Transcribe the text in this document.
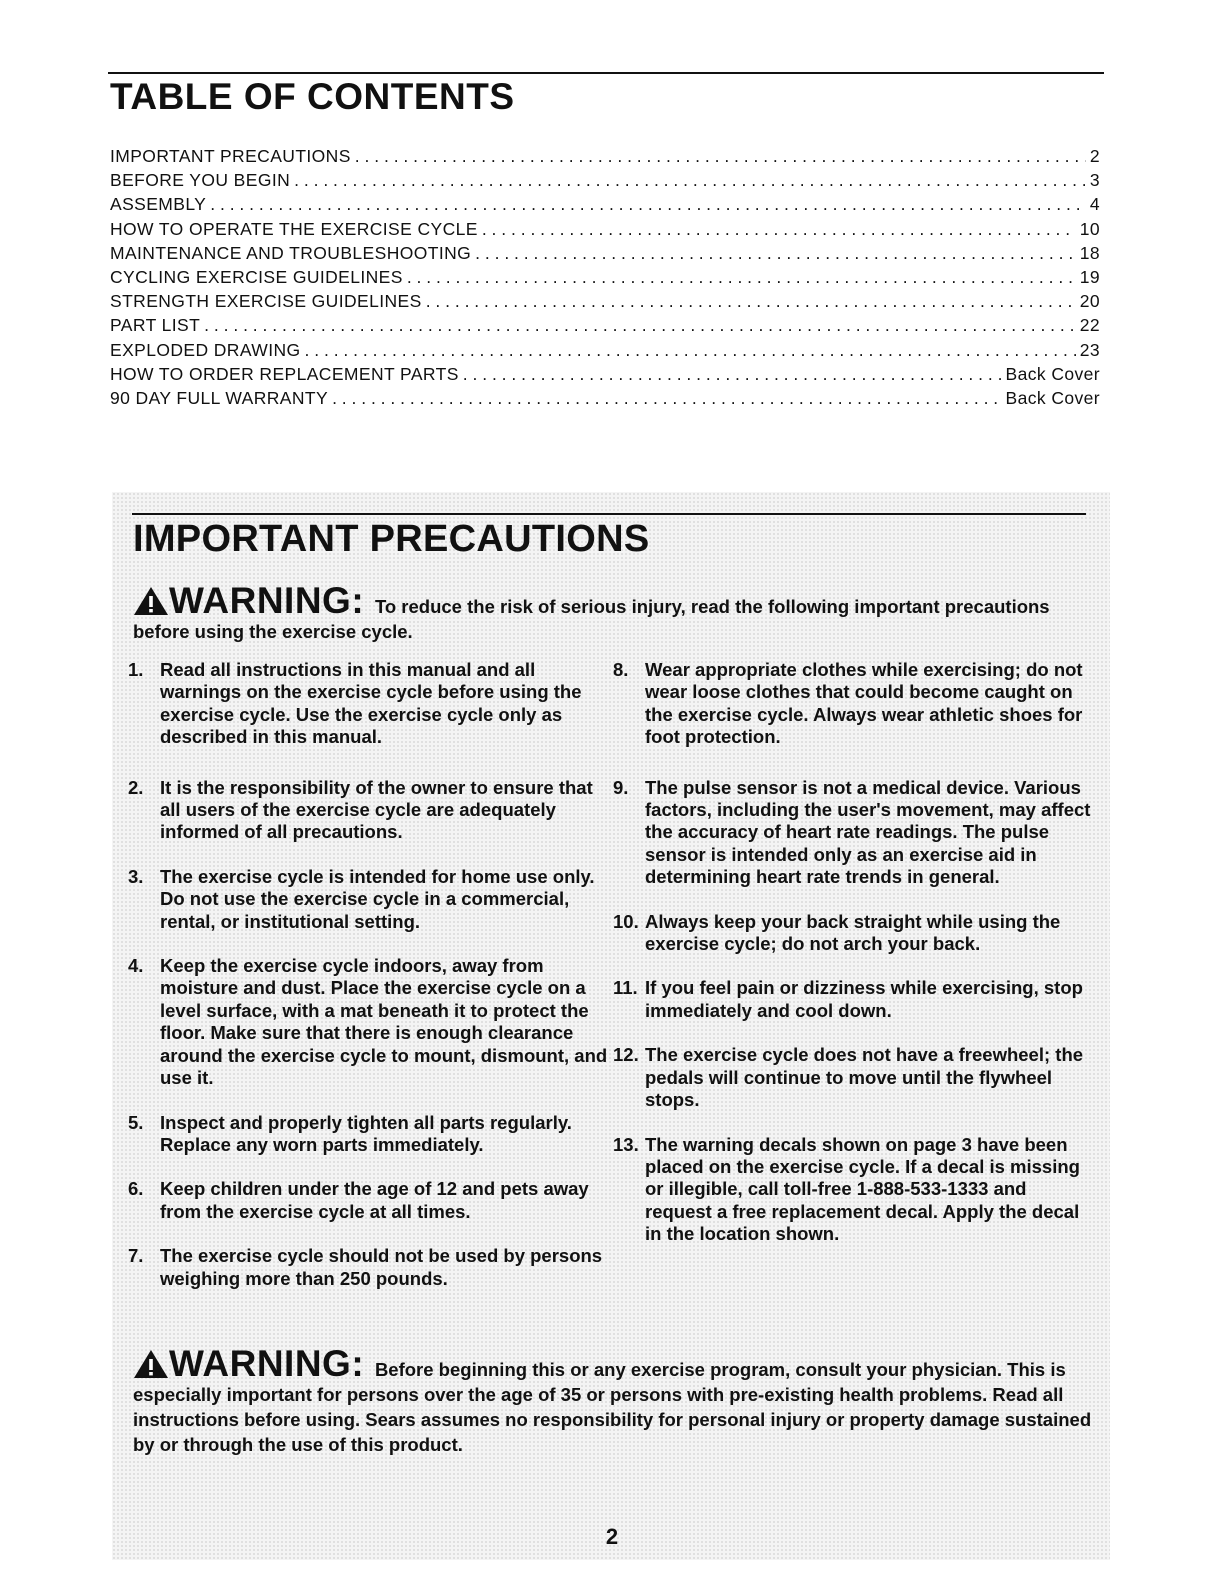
TABLE OF CONTENTS
IMPORTANT PRECAUTIONS . . .	2
BEFORE YOU BEGIN . . .	3
ASSEMBLY . . .	4
HOW TO OPERATE THE EXERCISE CYCLE . . .	10
MAINTENANCE AND TROUBLESHOOTING . . .	18
CYCLING EXERCISE GUIDELINES . . .	19
STRENGTH EXERCISE GUIDELINES . . .	20
PART LIST . . .	22
EXPLODED DRAWING . . .	23
HOW TO ORDER REPLACEMENT PARTS . . .	Back Cover
90 DAY FULL WARRANTY . . .	Back Cover
IMPORTANT PRECAUTIONS
WARNING: To reduce the risk of serious injury, read the following important precautions before using the exercise cycle.
1. Read all instructions in this manual and all warnings on the exercise cycle before using the exercise cycle. Use the exercise cycle only as described in this manual.
2. It is the responsibility of the owner to ensure that all users of the exercise cycle are adequately informed of all precautions.
3. The exercise cycle is intended for home use only. Do not use the exercise cycle in a commercial, rental, or institutional setting.
4. Keep the exercise cycle indoors, away from moisture and dust. Place the exercise cycle on a level surface, with a mat beneath it to protect the floor. Make sure that there is enough clearance around the exercise cycle to mount, dismount, and use it.
5. Inspect and properly tighten all parts regularly. Replace any worn parts immediately.
6. Keep children under the age of 12 and pets away from the exercise cycle at all times.
7. The exercise cycle should not be used by persons weighing more than 250 pounds.
8. Wear appropriate clothes while exercising; do not wear loose clothes that could become caught on the exercise cycle. Always wear athletic shoes for foot protection.
9. The pulse sensor is not a medical device. Various factors, including the user's movement, may affect the accuracy of heart rate readings. The pulse sensor is intended only as an exercise aid in determining heart rate trends in general.
10. Always keep your back straight while using the exercise cycle; do not arch your back.
11. If you feel pain or dizziness while exercising, stop immediately and cool down.
12. The exercise cycle does not have a freewheel; the pedals will continue to move until the flywheel stops.
13. The warning decals shown on page 3 have been placed on the exercise cycle. If a decal is missing or illegible, call toll-free 1-888-533-1333 and request a free replacement decal. Apply the decal in the location shown.
WARNING: Before beginning this or any exercise program, consult your physician. This is especially important for persons over the age of 35 or persons with pre-existing health problems. Read all instructions before using. Sears assumes no responsibility for personal injury or property damage sustained by or through the use of this product.
2
